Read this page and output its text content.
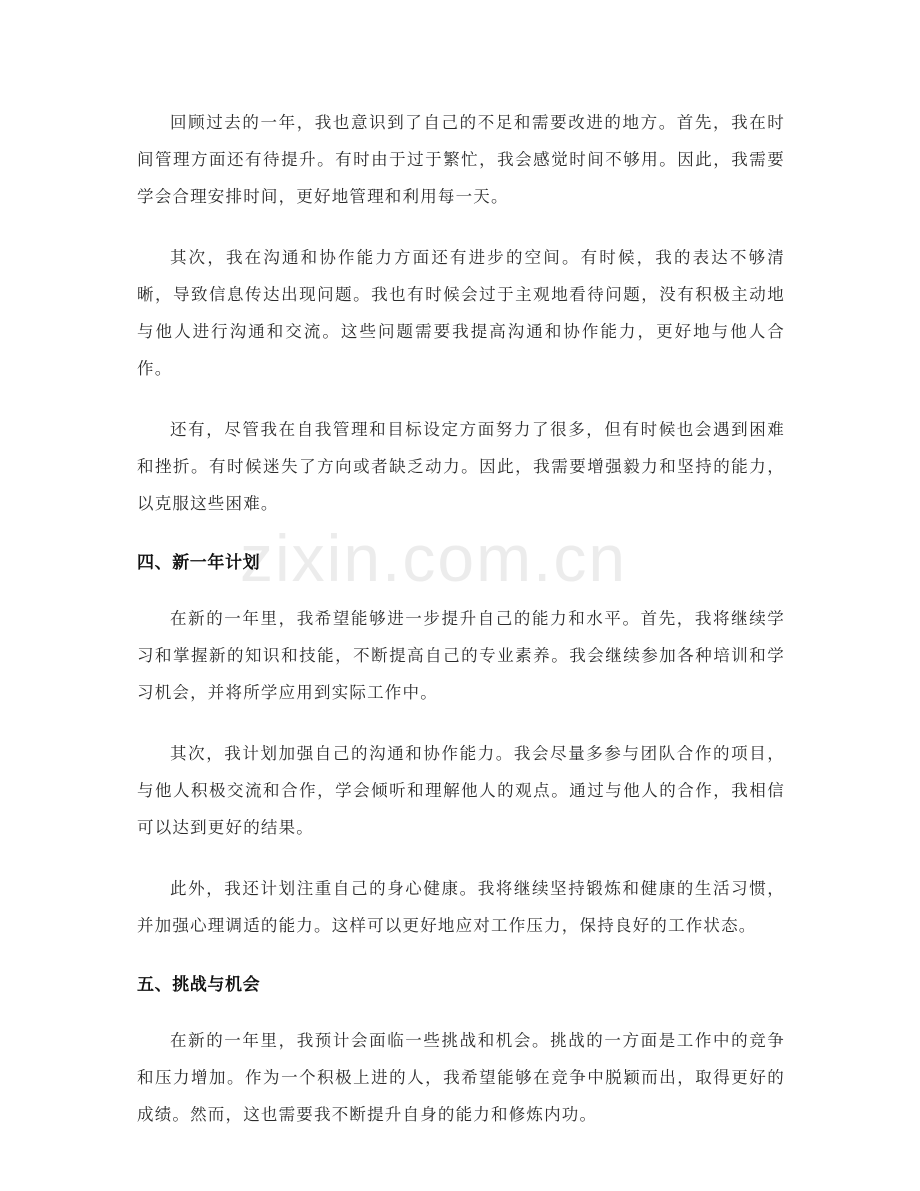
zixin.com.cn

回顾过去的一年，我也意识到了自己的不足和需要改进的地方。首先，我在时间管理方面还有待提升。有时由于过于繁忙，我会感觉时间不够用。因此，我需要学会合理安排时间，更好地管理和利用每一天。

其次，我在沟通和协作能力方面还有进步的空间。有时候，我的表达不够清晰，导致信息传达出现问题。我也有时候会过于主观地看待问题，没有积极主动地与他人进行沟通和交流。这些问题需要我提高沟通和协作能力，更好地与他人合作。

还有，尽管我在自我管理和目标设定方面努力了很多，但有时候也会遇到困难和挫折。有时候迷失了方向或者缺乏动力。因此，我需要增强毅力和坚持的能力，以克服这些困难。

四、新一年计划

在新的一年里，我希望能够进一步提升自己的能力和水平。首先，我将继续学习和掌握新的知识和技能，不断提高自己的专业素养。我会继续参加各种培训和学习机会，并将所学应用到实际工作中。

其次，我计划加强自己的沟通和协作能力。我会尽量多参与团队合作的项目，与他人积极交流和合作，学会倾听和理解他人的观点。通过与他人的合作，我相信可以达到更好的结果。

此外，我还计划注重自己的身心健康。我将继续坚持锻炼和健康的生活习惯，并加强心理调适的能力。这样可以更好地应对工作压力，保持良好的工作状态。

五、挑战与机会

在新的一年里，我预计会面临一些挑战和机会。挑战的一方面是工作中的竞争和压力增加。作为一个积极上进的人，我希望能够在竞争中脱颖而出，取得更好的成绩。然而，这也需要我不断提升自身的能力和修炼内功。
